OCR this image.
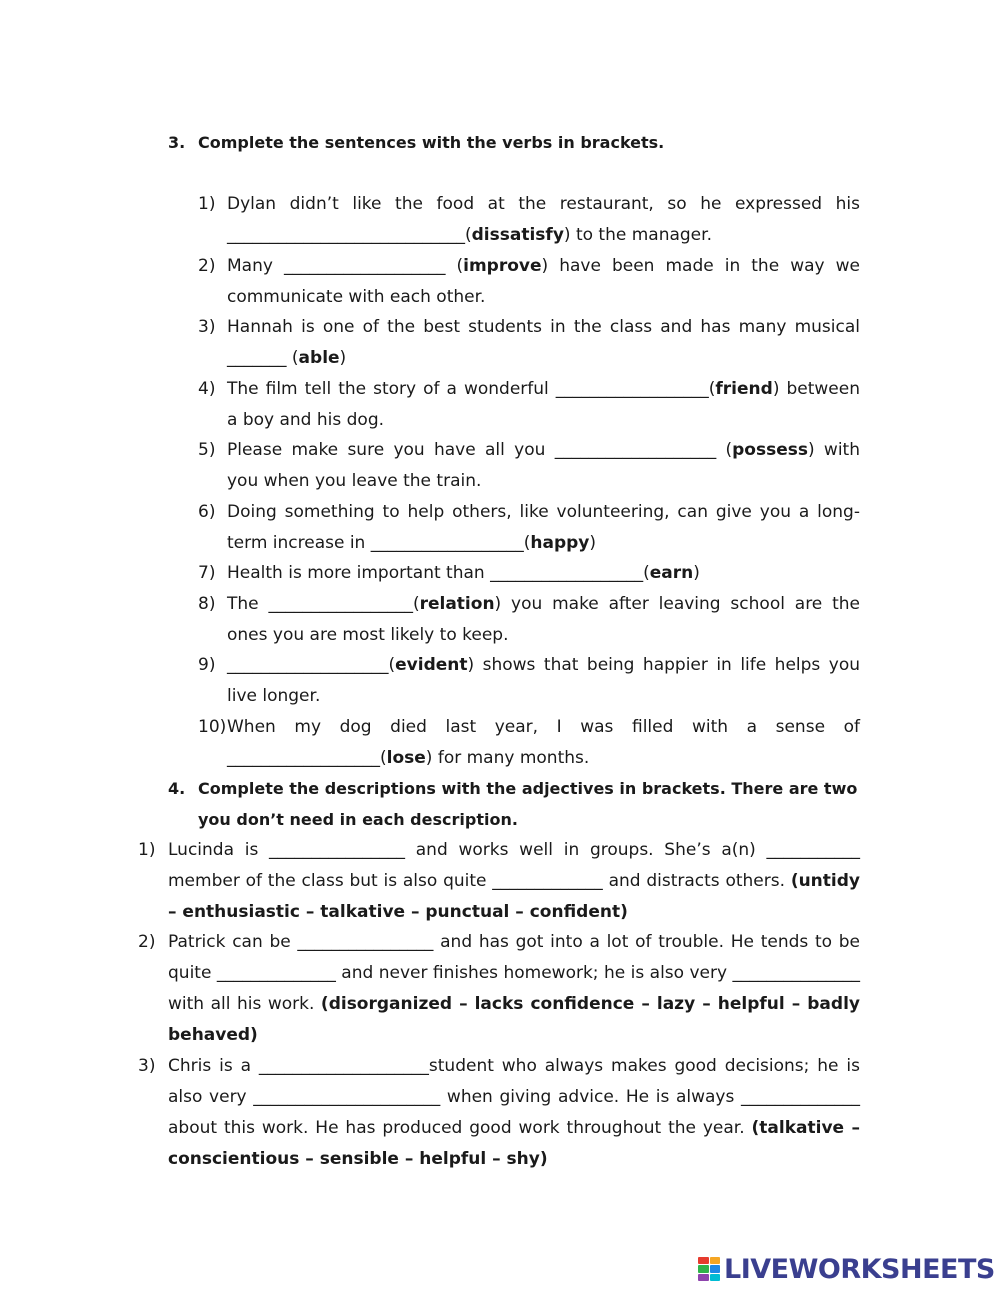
3. Complete the sentences with the verbs in brackets.
1) Dylan didn’t like the food at the restaurant, so he expressed his ____________________________(dissatisfy) to the manager.
2) Many ___________________ (improve) have been made in the way we communicate with each other.
3) Hannah is one of the best students in the class and has many musical _______ (able)
4) The film tell the story of a wonderful __________________(friend) between a boy and his dog.
5) Please make sure you have all you ___________________ (possess) with you when you leave the train.
6) Doing something to help others, like volunteering, can give you a long-term increase in __________________(happy)
7) Health is more important than __________________(earn)
8) The _________________(relation) you make after leaving school are the ones you are most likely to keep.
9) ___________________(evident) shows that being happier in life helps you live longer.
10) When my dog died last year, I was filled with a sense of __________________(lose) for many months.
4. Complete the descriptions with the adjectives in brackets. There are two you don’t need in each description.
1) Lucinda is ________________ and works well in groups. She’s a(n) ___________ member of the class but is also quite _____________ and distracts others. (untidy – enthusiastic – talkative – punctual – confident)
2) Patrick can be ________________ and has got into a lot of trouble. He tends to be quite ______________ and never finishes homework; he is also very _______________ with all his work. (disorganized – lacks confidence – lazy – helpful – badly behaved)
3) Chris is a ____________________student who always makes good decisions; he is also very ______________________ when giving advice. He is always ______________ about this work. He has produced good work throughout the year. (talkative – conscientious – sensible – helpful – shy)
LIVEWORKSHEETS
